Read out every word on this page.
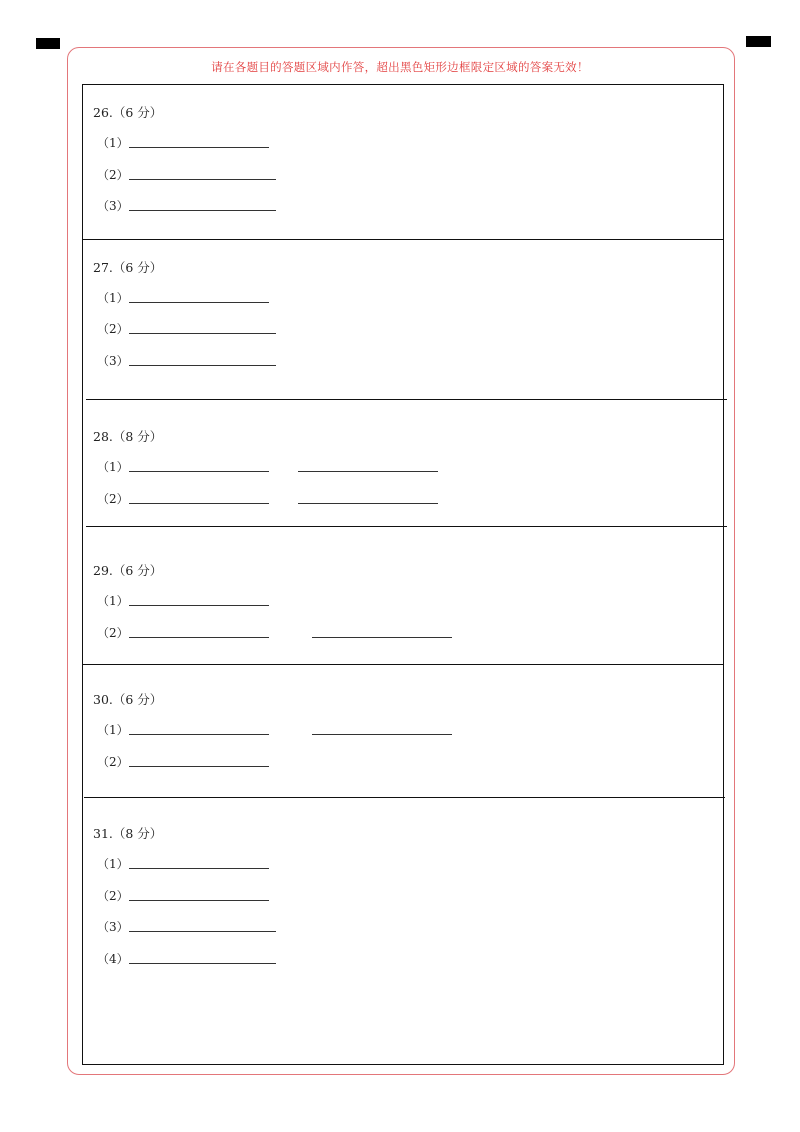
请在各题目的答题区域内作答，超出黑色矩形边框限定区域的答案无效！
26.（6 分）
（1）
（2）
（3）
27.（6 分）
（1）
（2）
（3）
28.（8 分）
（1）
（2）
29.（6 分）
（1）
（2）
30.（6 分）
（1）
（2）
31.（8 分）
（1）
（2）
（3）
（4）
